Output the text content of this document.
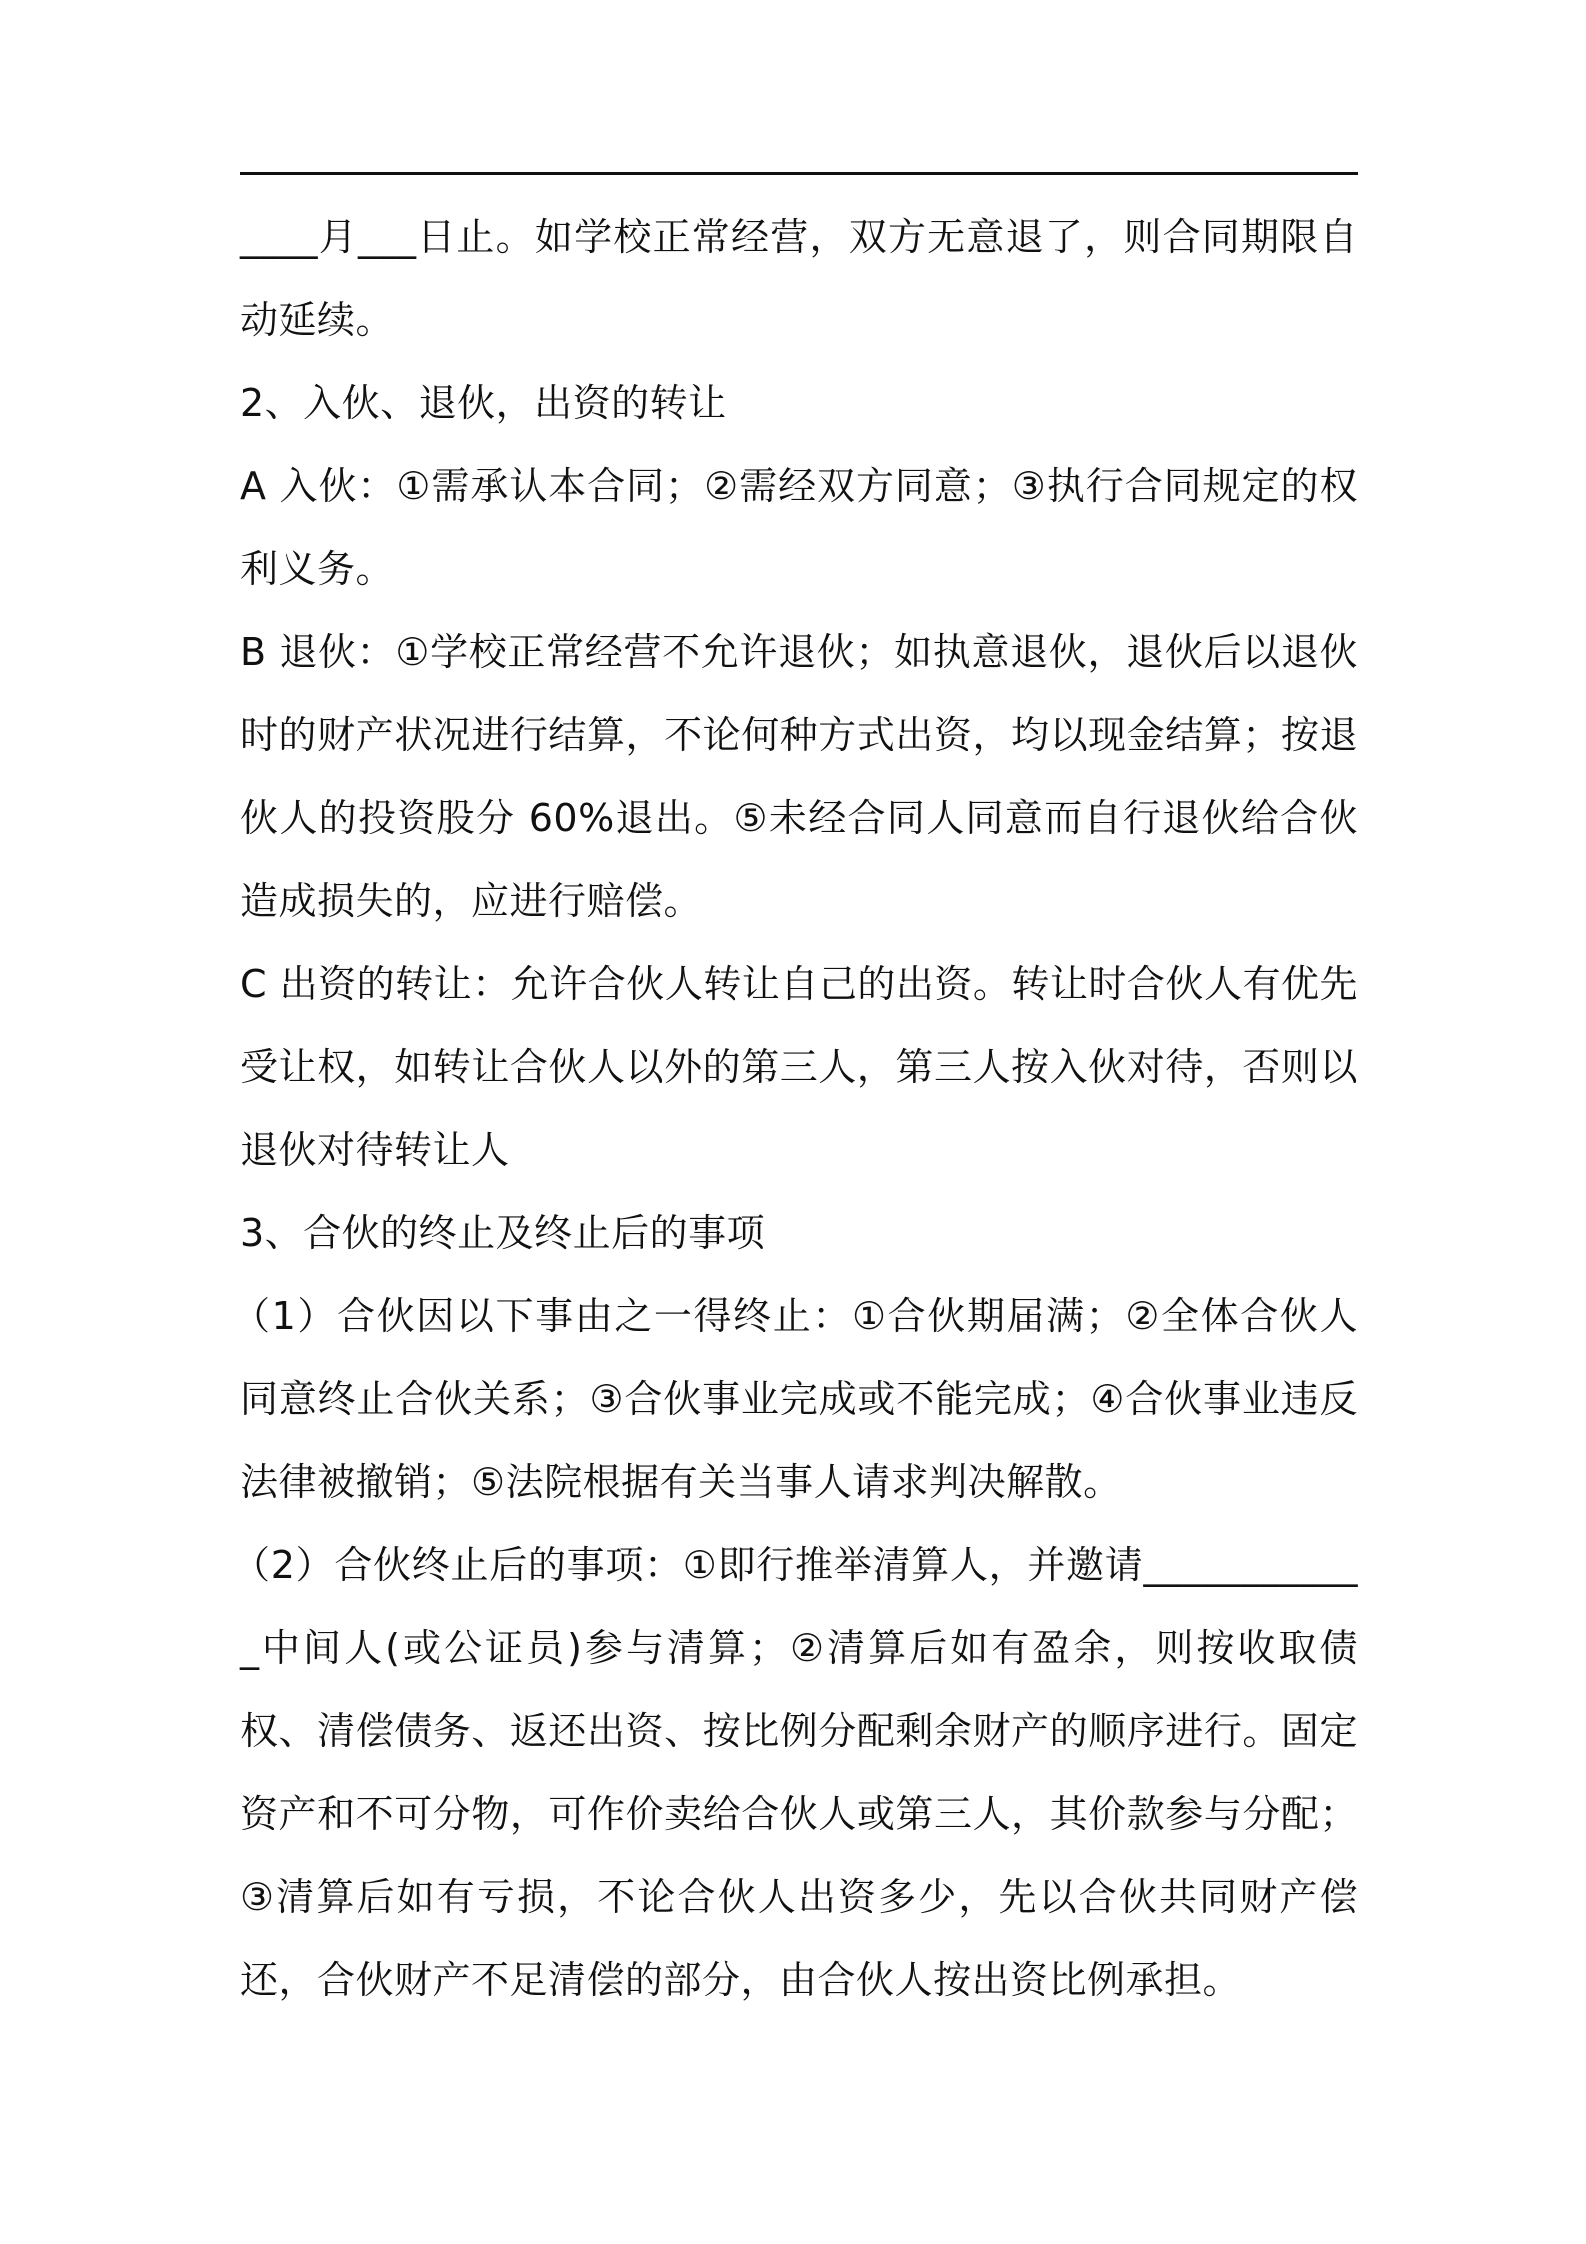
____月___日止。如学校正常经营，双方无意退了，则合同期限自动延续。

2、入伙、退伙，出资的转让

A 入伙：①需承认本合同；②需经双方同意；③执行合同规定的权利义务。

B 退伙：①学校正常经营不允许退伙；如执意退伙，退伙后以退伙时的财产状况进行结算，不论何种方式出资，均以现金结算；按退伙人的投资股分 60%退出。⑤未经合同人同意而自行退伙给合伙造成损失的，应进行赔偿。

C 出资的转让：允许合伙人转让自己的出资。转让时合伙人有优先受让权，如转让合伙人以外的第三人，第三人按入伙对待，否则以退伙对待转让人

3、合伙的终止及终止后的事项

（1）合伙因以下事由之一得终止：①合伙期届满；②全体合伙人同意终止合伙关系；③合伙事业完成或不能完成；④合伙事业违反法律被撤销；⑤法院根据有关当事人请求判决解散。

（2）合伙终止后的事项：①即行推举清算人，并邀请____________中间人(或公证员)参与清算；②清算后如有盈余，则按收取债权、清偿债务、返还出资、按比例分配剩余财产的顺序进行。固定资产和不可分物，可作价卖给合伙人或第三人，其价款参与分配；③清算后如有亏损，不论合伙人出资多少，先以合伙共同财产偿还，合伙财产不足清偿的部分，由合伙人按出资比例承担。
